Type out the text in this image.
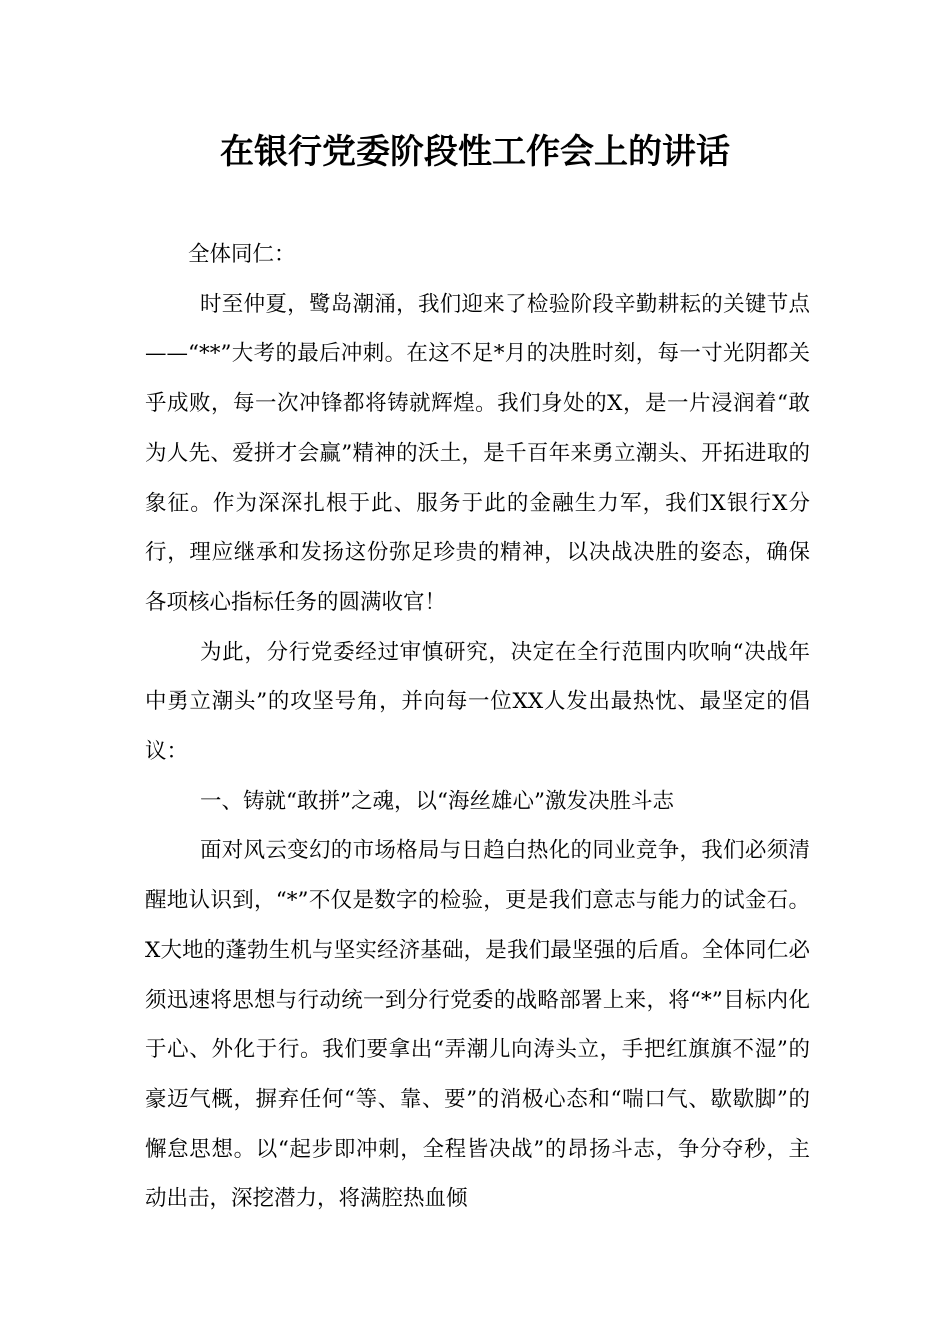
在银行党委阶段性工作会上的讲话

全体同仁：

时至仲夏，鹭岛潮涌，我们迎来了检验阶段辛勤耕耘的关键节点——“**”大考的最后冲刺。在这不足*月的决胜时刻，每一寸光阴都关乎成败，每一次冲锋都将铸就辉煌。我们身处的X，是一片浸润着“敢为人先、爱拼才会赢”精神的沃土，是千百年来勇立潮头、开拓进取的象征。作为深深扎根于此、服务于此的金融生力军，我们X银行X分行，理应继承和发扬这份弥足珍贵的精神，以决战决胜的姿态，确保各项核心指标任务的圆满收官！

为此，分行党委经过审慎研究，决定在全行范围内吹响“决战年中勇立潮头”的攻坚号角，并向每一位XX人发出最热忱、最坚定的倡议：

一、铸就“敢拼”之魂，以“海丝雄心”激发决胜斗志

面对风云变幻的市场格局与日趋白热化的同业竞争，我们必须清醒地认识到，“*”不仅是数字的检验，更是我们意志与能力的试金石。X大地的蓬勃生机与坚实经济基础，是我们最坚强的后盾。全体同仁必须迅速将思想与行动统一到分行党委的战略部署上来，将“*”目标内化于心、外化于行。我们要拿出“弄潮儿向涛头立，手把红旗旗不湿”的豪迈气概，摒弃任何“等、靠、要”的消极心态和“喘口气、歇歇脚”的懈怠思想。以“起步即冲刺，全程皆决战”的昂扬斗志，争分夺秒，主动出击，深挖潜力，将满腔热血倾
